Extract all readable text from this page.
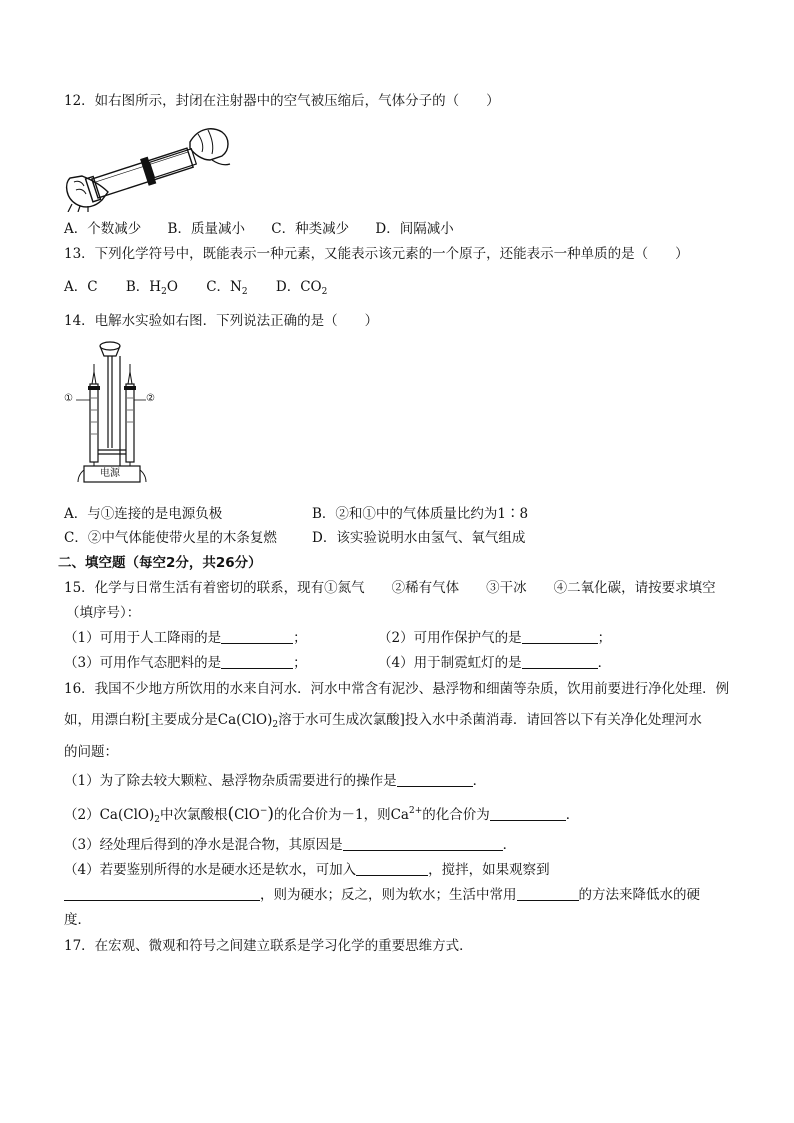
12．如右图所示，封闭在注射器中的空气被压缩后，气体分子的（　　）
A．个数减少 B．质量减小 C．种类减少 D．间隔减小
13．下列化学符号中，既能表示一种元素，又能表示该元素的一个原子，还能表示一种单质的是（　　）
A．C B．$H_2O$ C．$N_2$ D．$CO_2$
14．电解水实验如右图．下列说法正确的是（　　）
①	②
电源
A．与①连接的是电源负极	B．②和①中的气体质量比约为1∶8
C．②中气体能使带火星的木条复燃	D．该实验说明水由氢气、氧气组成
二、填空题（每空2分，共26分）
15．化学与日常生活有着密切的联系，现有①氮气　　②稀有气体　　③干冰　　④二氧化碳，请按要求填空
（填序号）：
（1）可用于人工降雨的是	；	（2）可用作保护气的是	；
（3）可用作气态肥料的是	；	（4）用于制霓虹灯的是	．
16．我国不少地方所饮用的水来自河水．河水中常含有泥沙、悬浮物和细菌等杂质，饮用前要进行净化处理．例
如，用漂白粉[主要成分是$Ca(ClO)_2$溶于水可生成次氯酸]投入水中杀菌消毒．请回答以下有关净化处理河水
的问题：
（1）为了除去较大颗粒、悬浮物杂质需要进行的操作是	．
$(2)Ca(ClO)_2$中次氯酸根(ClO−)的化合价为－1，则$Ca^{2+}$的化合价为	．
（3）经处理后得到的净水是混合物，其原因是	．
（4）若要鉴别所得的水是硬水还是软水，可加入	，搅拌，如果观察到
，则为硬水；反之，则为软水；生活中常用	的方法来降低水的硬
度．
17．在宏观、微观和符号之间建立联系是学习化学的重要思维方式．
